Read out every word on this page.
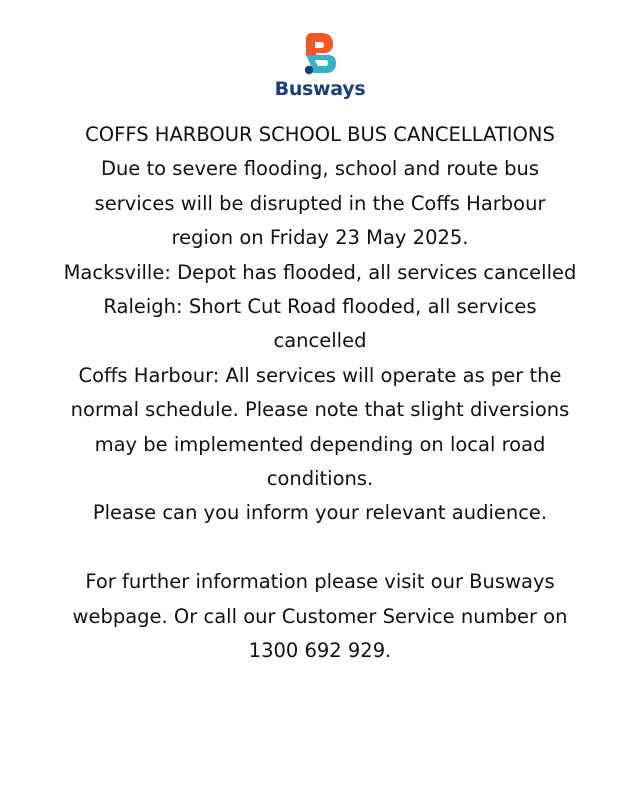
Busways

COFFS HARBOUR SCHOOL BUS CANCELLATIONS

Due to severe flooding, school and route bus services will be disrupted in the Coffs Harbour region on Friday 23 May 2025.

Macksville: Depot has flooded, all services cancelled

Raleigh: Short Cut Road flooded, all services cancelled

Coffs Harbour: All services will operate as per the normal schedule. Please note that slight diversions may be implemented depending on local road conditions.

Please can you inform your relevant audience.

For further information please visit our Busways webpage. Or call our Customer Service number on 1300 692 929.
